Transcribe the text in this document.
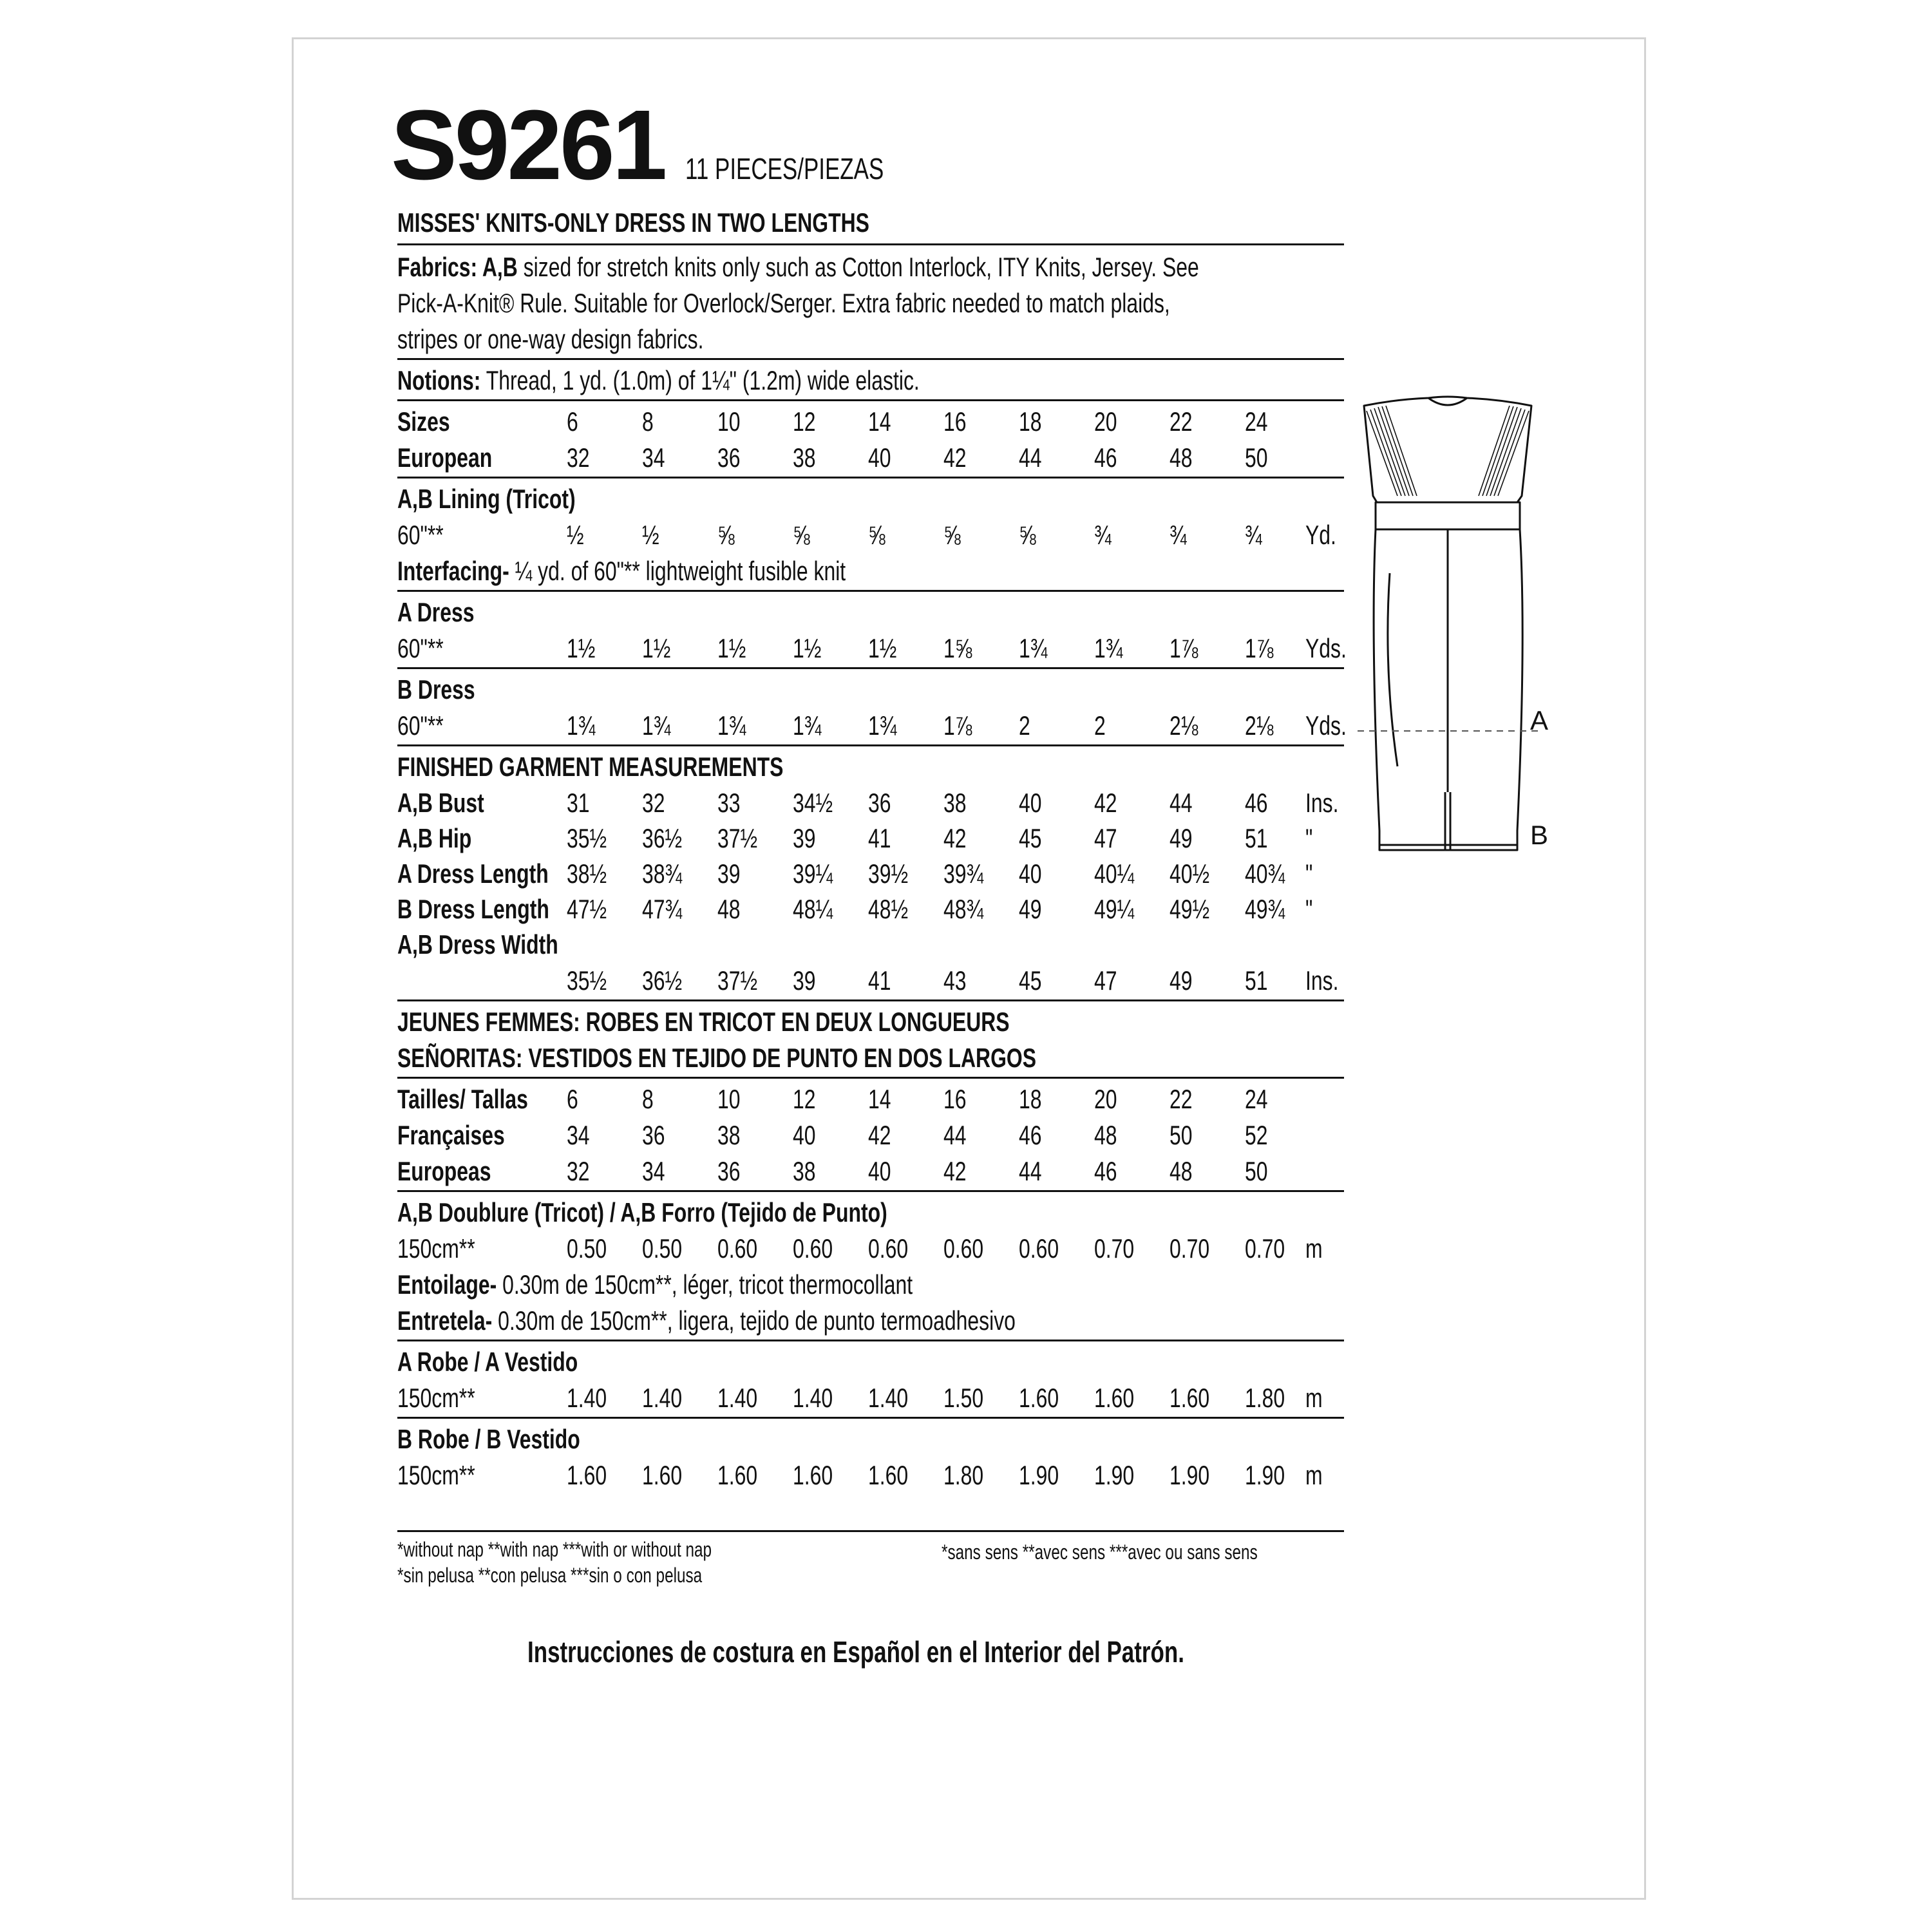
S9261 11 PIECES/PIEZAS
MISSES' KNITS-ONLY DRESS IN TWO LENGTHS
Fabrics: A,B sized for stretch knits only such as Cotton Interlock, ITY Knits, Jersey. See
Pick-A-Knit® Rule. Suitable for Overlock/Serger. Extra fabric needed to match plaids,
stripes or one-way design fabrics.
Notions: Thread, 1 yd. (1.0m) of 1¼" (1.2m) wide elastic.
Sizes	6 8 10 12 14 16 18 20 22 24
European	32 34 36 38 40 42 44 46 48 50
A,B Lining (Tricot)
60"**	½ ½ ⅝ ⅝ ⅝ ⅝ ⅝ ¾ ¾ ¾ Yd.
Interfacing- ¼ yd. of 60"** lightweight fusible knit
A Dress
60"**	1½	1½	1½	1½	1½	1⅝	1¾	1¾	1⅞	1⅞	Yds.
B Dress
60"**	1¾	1¾	1¾	1¾	1¾	1⅞	2 2 2⅛	2⅛	Yds.
FINISHED GARMENT MEASUREMENTS
A,B Bust	31 32 33 34½	36 38 40 42 44 46 Ins.
A,B Hip	35½	36½	37½	39 41 42 45 47 49 51 "
A Dress Length 38½	38¾	39 39¼	39½	39¾	40 40¼	40½	40¾ "
B Dress Length 47½	47¾	48 48¼	48½	48¾	49 49¼	49½	49¾ "
A,B Dress Width
35½	36½	37½	39 41 43 45 47 49 51 Ins.
JEUNES FEMMES: ROBES EN TRICOT EN DEUX LONGUEURS
SEÑORITAS: VESTIDOS EN TEJIDO DE PUNTO EN DOS LARGOS
Tailles/ Tallas	6 8 10 12 14 16 18 20 22 24
Françaises	34 36 38 40 42 44 46 48 50 52
Europeas	32 34 36 38 40 42 44 46 48 50
A,B Doublure (Tricot) / A,B Forro (Tejido de Punto)
150cm**	0.50	0.50	0.60	0.60	0.60	0.60	0.60	0.70	0.70	0.70 m
Entoilage- 0.30m de 150cm**, léger, tricot thermocollant
Entretela- 0.30m de 150cm**, ligera, tejido de punto termoadhesivo
A Robe / A Vestido
150cm**	1.40	1.40	1.40	1.40	1.40	1.50	1.60	1.60	1.60	1.80 m
B Robe / B Vestido
150cm**	1.60	1.60	1.60	1.60	1.60	1.80	1.90	1.90	1.90	1.90 m
*without nap **with nap ***with or without nap
*sin pelusa **con pelusa ***sin o con pelusa
*sans sens **avec sens ***avec ou sans sens
Instrucciones de costura en Español en el Interior del Patrón.
A
B
